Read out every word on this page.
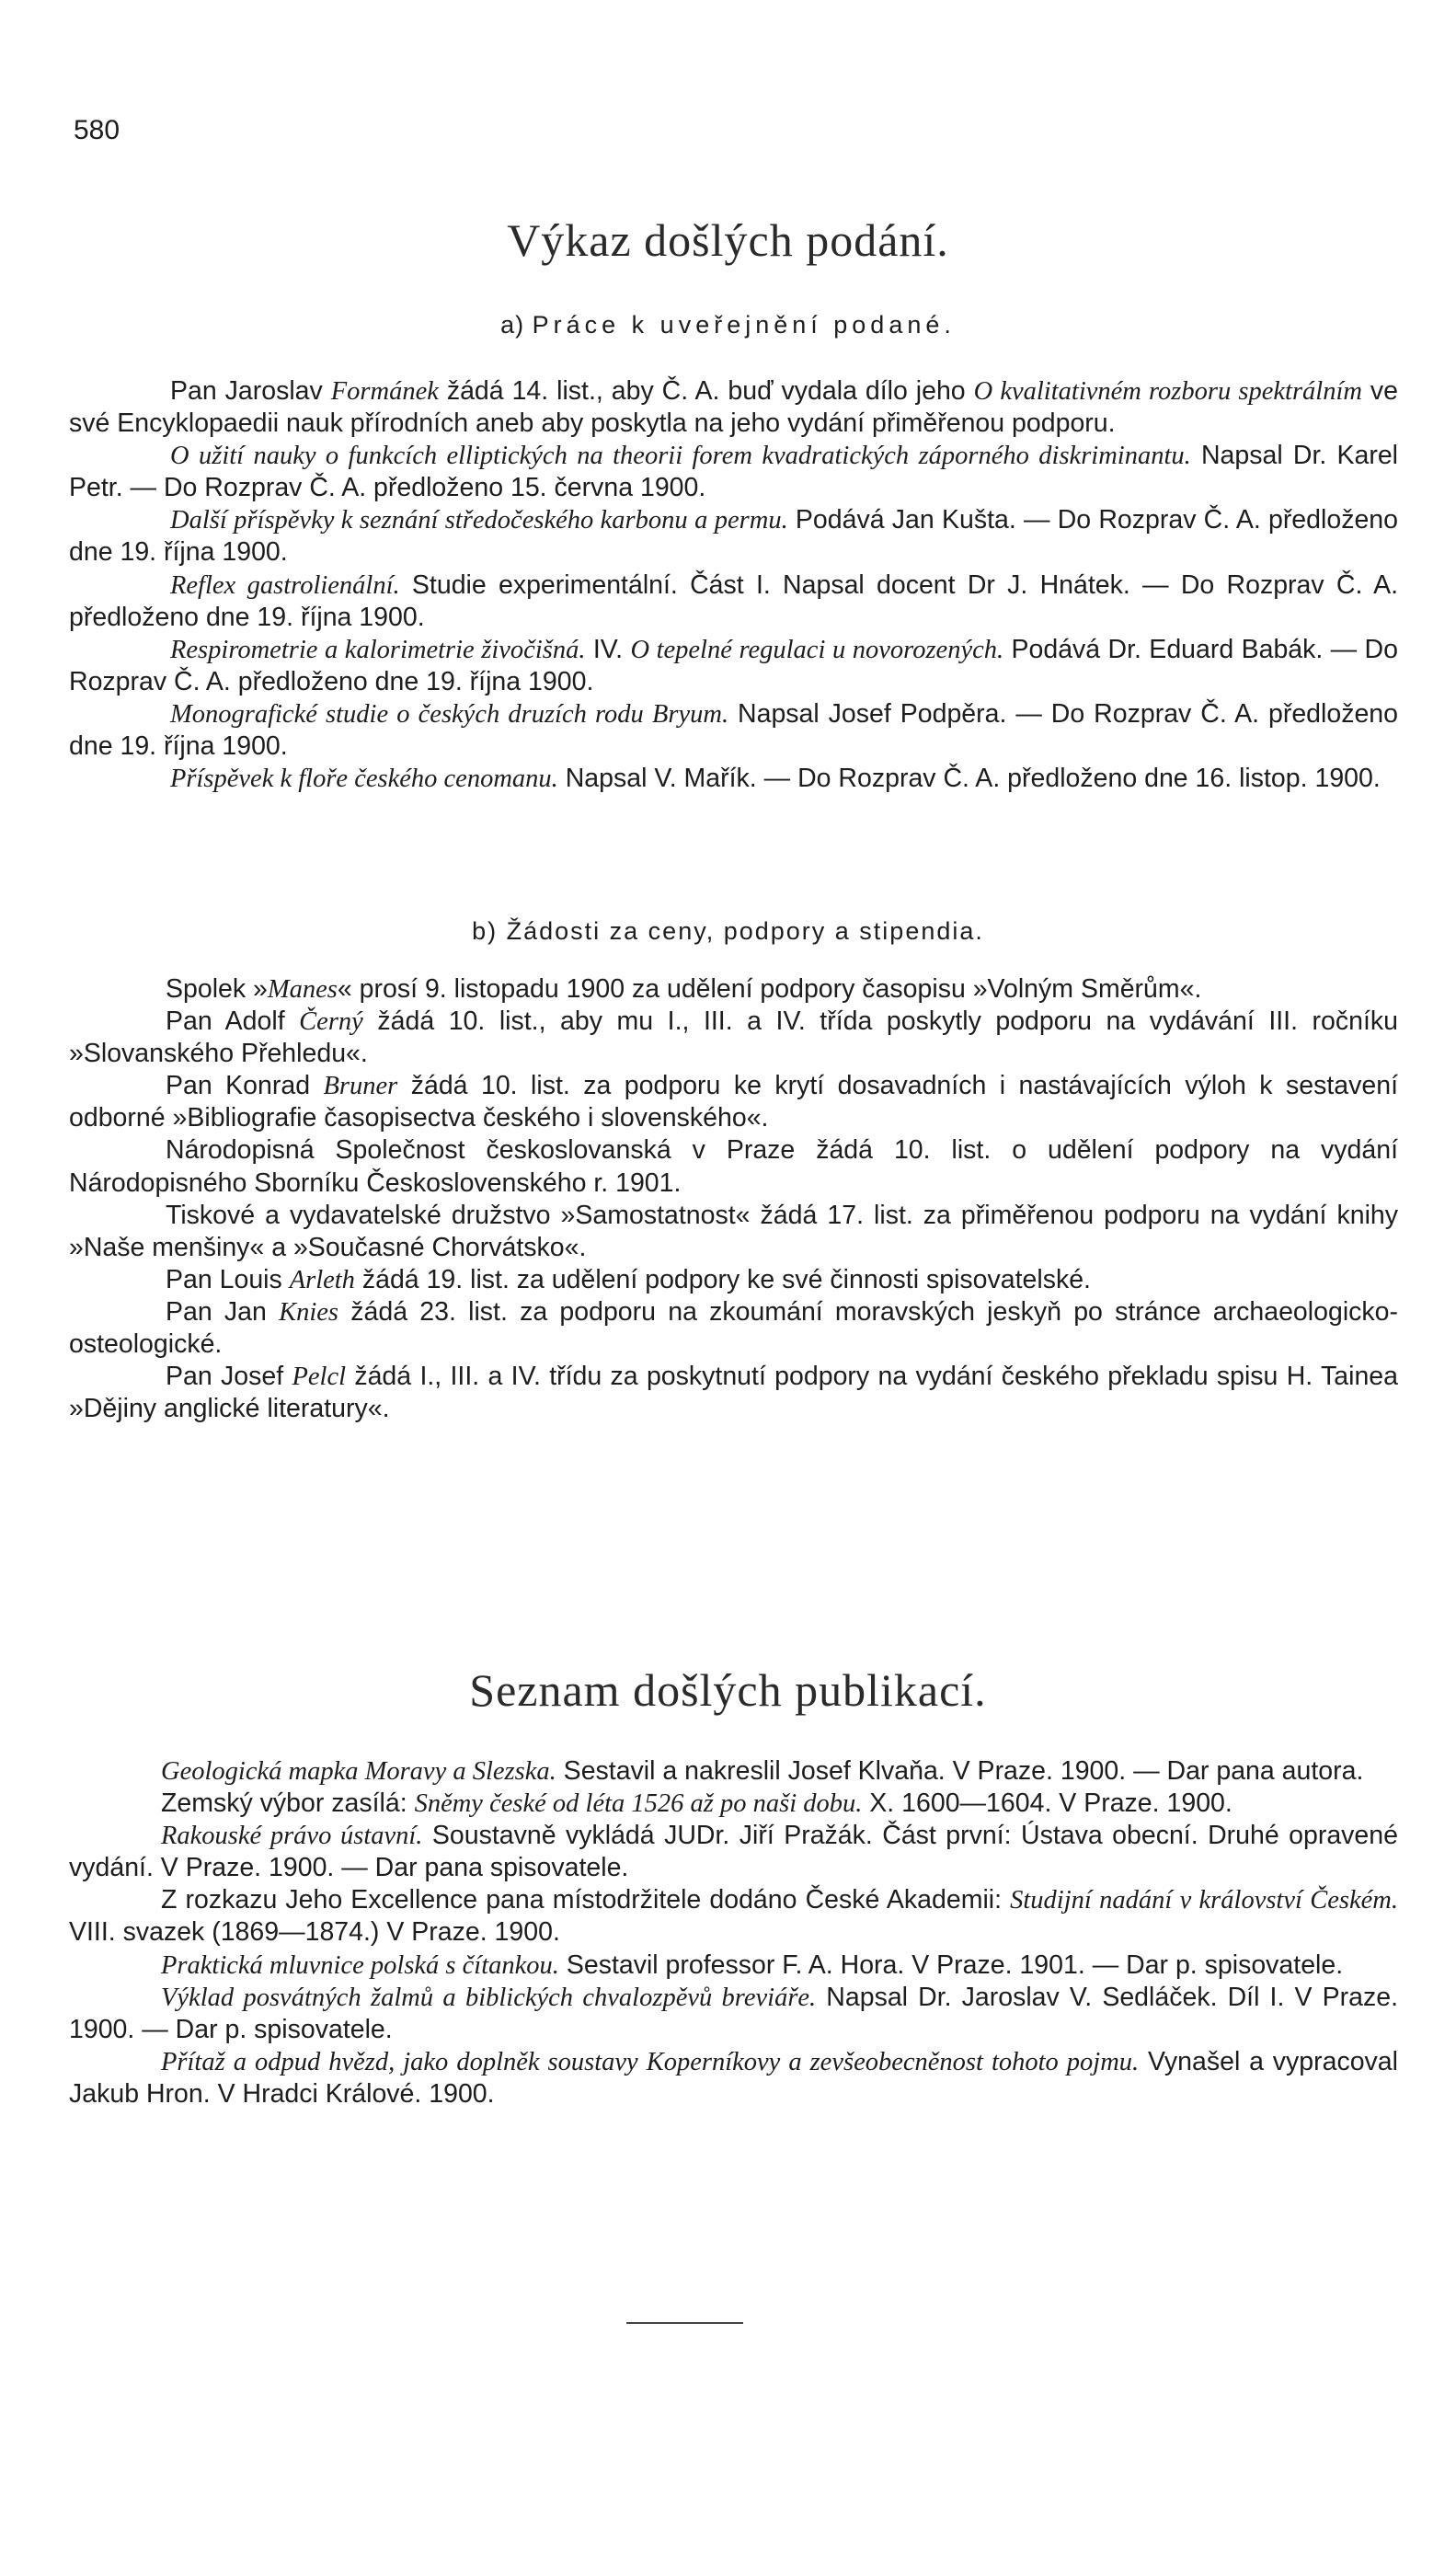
580
Výkaz došlých podání.
a) Práce k uveřejnění podané.

Pan Jaroslav Formánek žádá 14. list., aby Č. A. buď vydala dílo jeho O kvalitativném rozboru spektrálním ve své Encyklopaedii nauk přírodních aneb aby poskytla na jeho vydání přiměřenou podporu.

O užití nauky o funkcích elliptických na theorii forem kvadratických záporného diskriminantu. Napsal Dr. Karel Petr. — Do Rozprav Č. A. předloženo 15. června 1900.

Další příspěvky k seznání středočeského karbonu a permu. Podává Jan Kušta. — Do Rozprav Č. A. předloženo dne 19. října 1900.

Reflex gastrolienální. Studie experimentální. Část I. Napsal docent Dr J. Hnátek. — Do Rozprav Č. A. předloženo dne 19. října 1900.

Respirometrie a kalorimetrie živočišná. IV. O tepelné regulaci u novorozených. Podává Dr. Eduard Babák. — Do Rozprav Č. A. předloženo dne 19. října 1900.

Monografické studie o českých druzích rodu Bryum. Napsal Josef Podpěra. — Do Rozprav Č. A. předloženo dne 19. října 1900.

Příspěvek k floře českého cenomanu. Napsal V. Mařík. — Do Rozprav Č. A. předloženo dne 16. listop. 1900.

b) Žádosti za ceny, podpory a stipendia.

Spolek »Manes« prosí 9. listopadu 1900 za udělení podpory časopisu »Volným Směrům«.

Pan Adolf Černý žádá 10. list., aby mu I., III. a IV. třída poskytly podporu na vydávání III. ročníku »Slovanského Přehledu«.

Pan Konrad Bruner žádá 10. list. za podporu ke krytí dosavadních i nastávajících výloh k sestavení odborné »Bibliografie časopisectva českého i slovenského«.

Národopisná Společnost českoslovanská v Praze žádá 10. list. o udělení podpory na vydání Národopisného Sborníku Československého r. 1901.

Tiskové a vydavatelské družstvo »Samostatnost« žádá 17. list. za přiměřenou podporu na vydání knihy »Naše menšiny« a »Současné Chorvátsko«.

Pan Louis Arleth žádá 19. list. za udělení podpory ke své činnosti spisovatelské.

Pan Jan Knies žádá 23. list. za podporu na zkoumání moravských jeskyň po stránce archaeologicko-osteologické.

Pan Josef Pelcl žádá I., III. a IV. třídu za poskytnutí podpory na vydání českého překladu spisu H. Tainea »Dějiny anglické literatury«.

Seznam došlých publikací.

Geologická mapka Moravy a Slezska. Sestavil a nakreslil Josef Klvaňa. V Praze. 1900. — Dar pana autora.

Zemský výbor zasílá: Sněmy české od léta 1526 až po naši dobu. X. 1600—1604. V Praze. 1900.

Rakouské právo ústavní. Soustavně vykládá JUDr. Jiří Pražák. Část první: Ústava obecní. Druhé opravené vydání. V Praze. 1900. — Dar pana spisovatele.

Z rozkazu Jeho Excellence pana místodržitele dodáno České Akademii: Studijní nadání v království Českém. VIII. svazek (1869—1874.) V Praze. 1900.

Praktická mluvnice polská s čítankou. Sestavil professor F. A. Hora. V Praze. 1901. — Dar p. spisovatele.

Výklad posvátných žalmů a biblických chvalozpěvů breviáře. Napsal Dr. Jaroslav V. Sedláček. Díl I. V Praze. 1900. — Dar p. spisovatele.

Přítaž a odpud hvězd, jako doplněk soustavy Koperníkovy a zevšeobecněnost tohoto pojmu. Vynašel a vypracoval Jakub Hron. V Hradci Králové. 1900.
